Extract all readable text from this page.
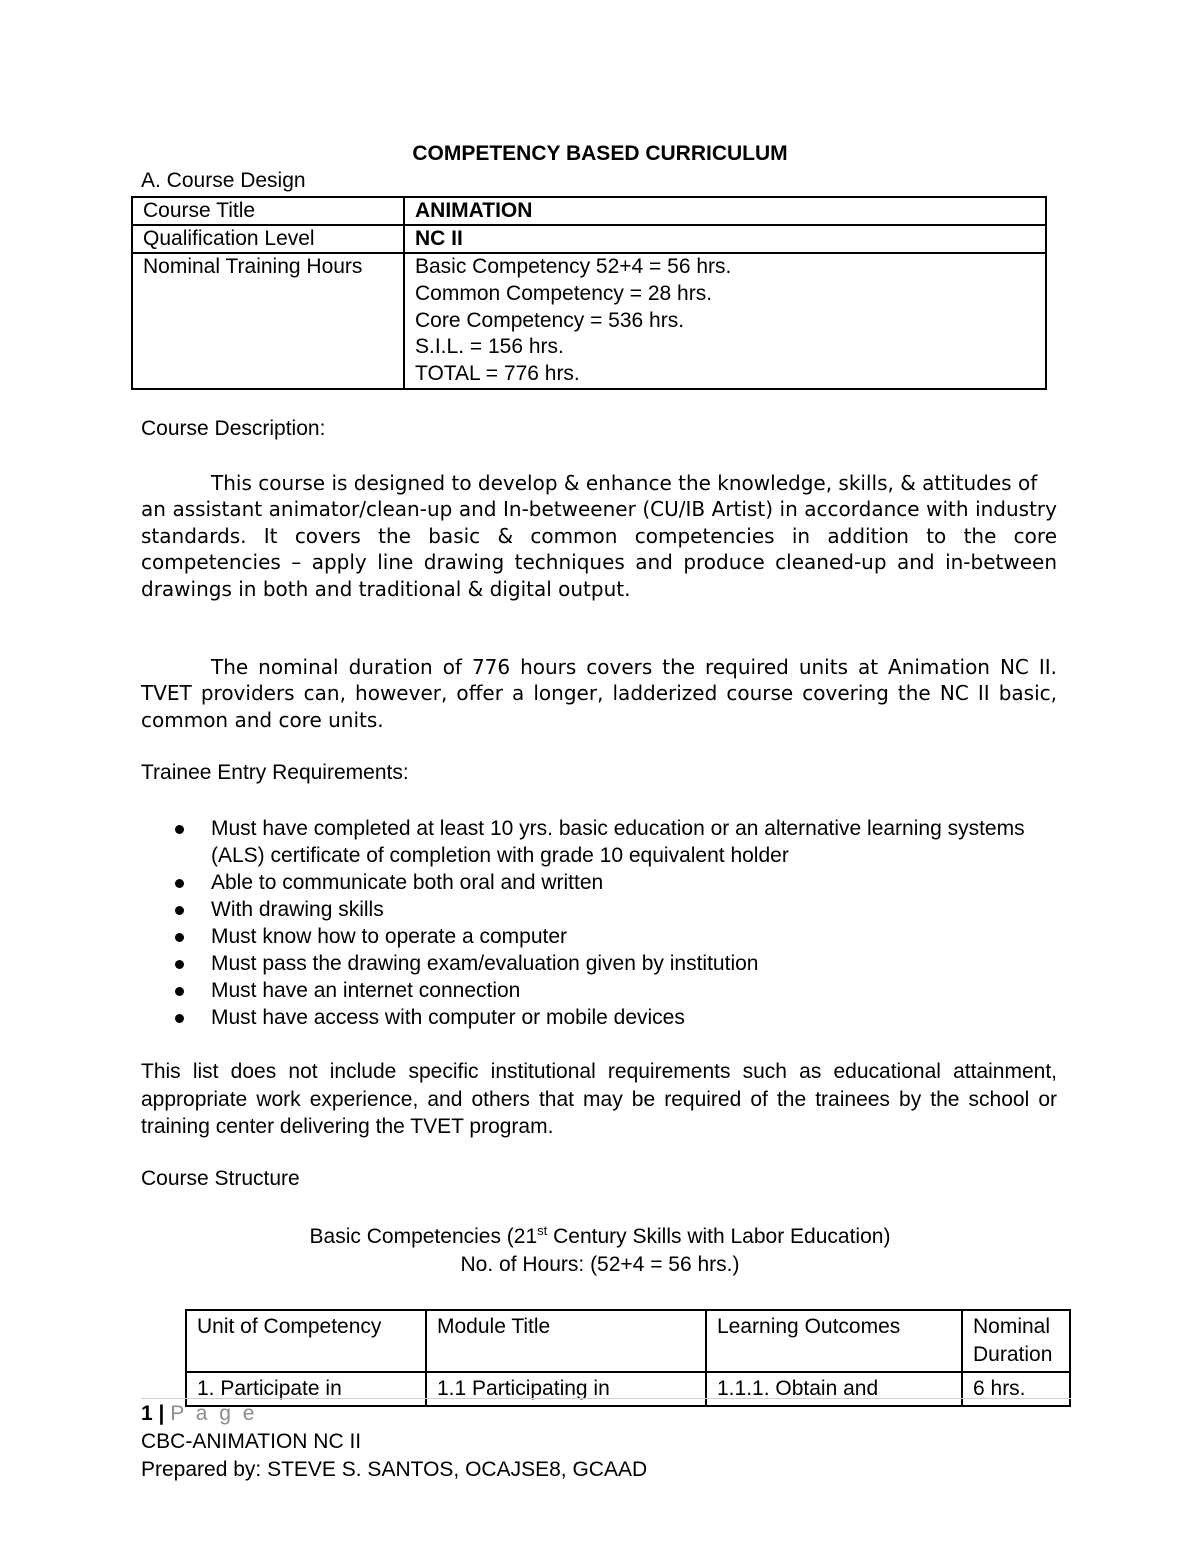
COMPETENCY BASED CURRICULUM
A. Course Design
Course Title	ANIMATION
Qualification Level	NC II
Nominal Training Hours	Basic Competency 52+4 = 56 hrs.
Common Competency = 28 hrs.
Core Competency = 536 hrs.
S.I.L. = 156 hrs.
TOTAL = 776 hrs.
Course Description:
This course is designed to develop & enhance the knowledge, skills, & attitudes of
an assistant animator/clean-up and In-betweener (CU/IB Artist) in accordance with industry standards. It covers the basic & common competencies in addition to the core competencies – apply line drawing techniques and produce cleaned-up and in-between drawings in both and traditional & digital output.
The nominal duration of 776 hours covers the required units at Animation NC II. TVET providers can, however, offer a longer, ladderized course covering the NC II basic, common and core units.
Trainee Entry Requirements:
Must have completed at least 10 yrs. basic education or an alternative learning systems (ALS) certificate of completion with grade 10 equivalent holder
Able to communicate both oral and written
With drawing skills
Must know how to operate a computer
Must pass the drawing exam/evaluation given by institution
Must have an internet connection
Must have access with computer or mobile devices
This list does not include specific institutional requirements such as educational attainment, appropriate work experience, and others that may be required of the trainees by the school or training center delivering the TVET program.
Course Structure
Basic Competencies (21st Century Skills with Labor Education)
No. of Hours: (52+4 = 56 hrs.)
Unit of Competency	Module Title	Learning Outcomes	Nominal Duration
1. Participate in	1.1 Participating in	1.1.1. Obtain and	6 hrs.
1 | P a g e
CBC-ANIMATION NC II
Prepared by: STEVE S. SANTOS, OCAJSE8, GCAAD
